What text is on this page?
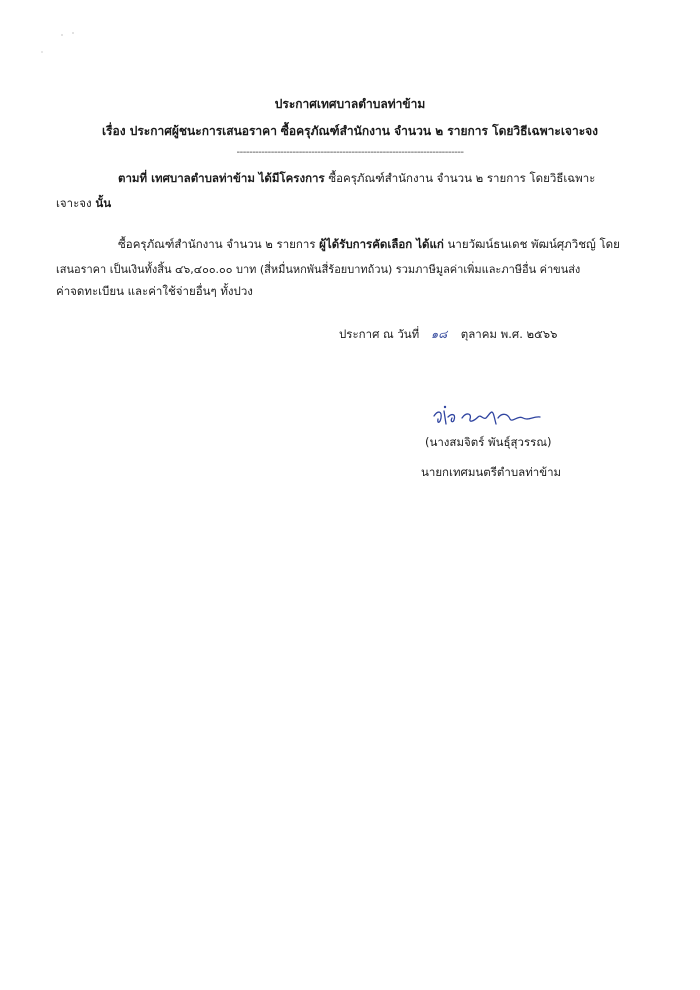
ประกาศเทศบาลตำบลท่าข้าม
เรื่อง ประกาศผู้ชนะการเสนอราคา ซื้อครุภัณฑ์สำนักงาน จำนวน ๒ รายการ โดยวิธีเฉพาะเจาะจง
-------------------------------------------------------------------------
ตามที่ เทศบาลตำบลท่าข้าม ได้มีโครงการ ซื้อครุภัณฑ์สำนักงาน จำนวน ๒ รายการ โดยวิธีเฉพาะ
เจาะจง นั้น
ซื้อครุภัณฑ์สำนักงาน จำนวน ๒ รายการ ผู้ได้รับการคัดเลือก ได้แก่ นายวัฒน์ธนเดช พัฒน์ศุภวิชญ์ โดย
เสนอราคา เป็นเงินทั้งสิ้น ๔๖,๔๐๐.๐๐ บาท (สี่หมื่นหกพันสี่ร้อยบาทถ้วน) รวมภาษีมูลค่าเพิ่มและภาษีอื่น ค่าขนส่ง
ค่าจดทะเบียน และค่าใช้จ่ายอื่นๆ ทั้งปวง
ประกาศ ณ วันที่ ๑๘ ตุลาคม พ.ศ. ๒๕๖๖
(นางสมจิตร์ พันธุ์สุวรรณ)
นายกเทศมนตรีตำบลท่าข้าม
